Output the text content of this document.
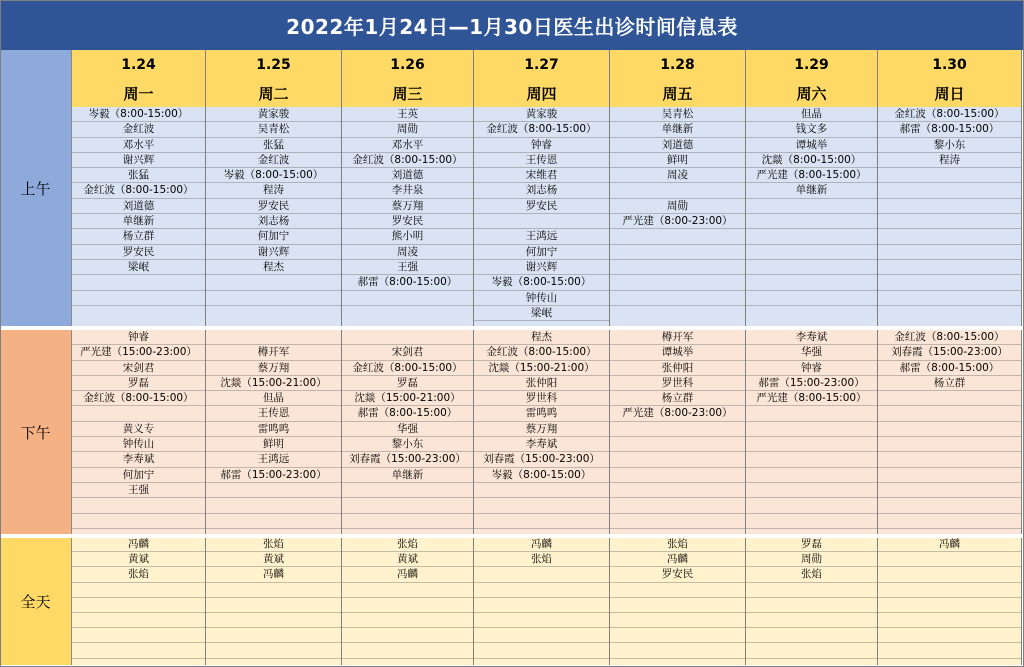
2022年1月24日—1月30日医生出诊时间信息表
上午
下午
全天
1.24
周一
岑毅（8:00-15:00）
金红波
邓水平
谢兴辉
张猛
金红波（8:00-15:00）
刘道德
单继新
杨立群
罗安民
梁岷
钟睿
严光建（15:00-23:00）
宋剑君
罗磊
金红波（8:00-15:00）
黄义专
钟传山
李寿斌
何加宁
王强
冯麟
黄斌
张焰
1.25
周二
黄家骏
吴青松
张猛
金红波
岑毅（8:00-15:00）
程涛
罗安民
刘志杨
何加宁
谢兴辉
程杰
樽开军
蔡万翔
沈燚（15:00-21:00）
但晶
王传恩
雷鸣鸣
鲜明
王鸿远
郝雷（15:00-23:00）
张焰
黄斌
冯麟
1.26
周三
王英
周勋
邓水平
金红波（8:00-15:00）
刘道德
李井泉
蔡万翔
罗安民
熊小明
周凌
王强
郝雷（8:00-15:00）
宋剑君
金红波（8:00-15:00）
罗磊
沈燚（15:00-21:00）
郝雷（8:00-15:00）
华强
黎小东
刘春霞（15:00-23:00）
单继新
张焰
黄斌
冯麟
1.27
周四
黄家骏
金红波（8:00-15:00）
钟睿
王传恩
宋维君
刘志杨
罗安民
王鸿远
何加宁
谢兴辉
岑毅（8:00-15:00）
钟传山
梁岷
程杰
金红波（8:00-15:00）
沈燚（15:00-21:00）
张仲阳
罗世科
雷鸣鸣
蔡万翔
李寿斌
刘春霞（15:00-23:00）
岑毅（8:00-15:00）
冯麟
张焰
1.28
周五
吴青松
单继新
刘道德
鲜明
周凌
周勋
严光建（8:00-23:00）
樽开军
谭城举
张仲阳
罗世科
杨立群
严光建（8:00-23:00）
张焰
冯麟
罗安民
1.29
周六
但晶
钱文多
谭城举
沈燚（8:00-15:00）
严光建（8:00-15:00）
单继新
李寿斌
华强
钟睿
郝雷（15:00-23:00）
严光建（8:00-15:00）
罗磊
周勋
张焰
1.30
周日
金红波（8:00-15:00）
郝雷（8:00-15:00）
黎小东
程涛
金红波（8:00-15:00）
刘春霞（15:00-23:00）
郝雷（8:00-15:00）
杨立群
冯麟
